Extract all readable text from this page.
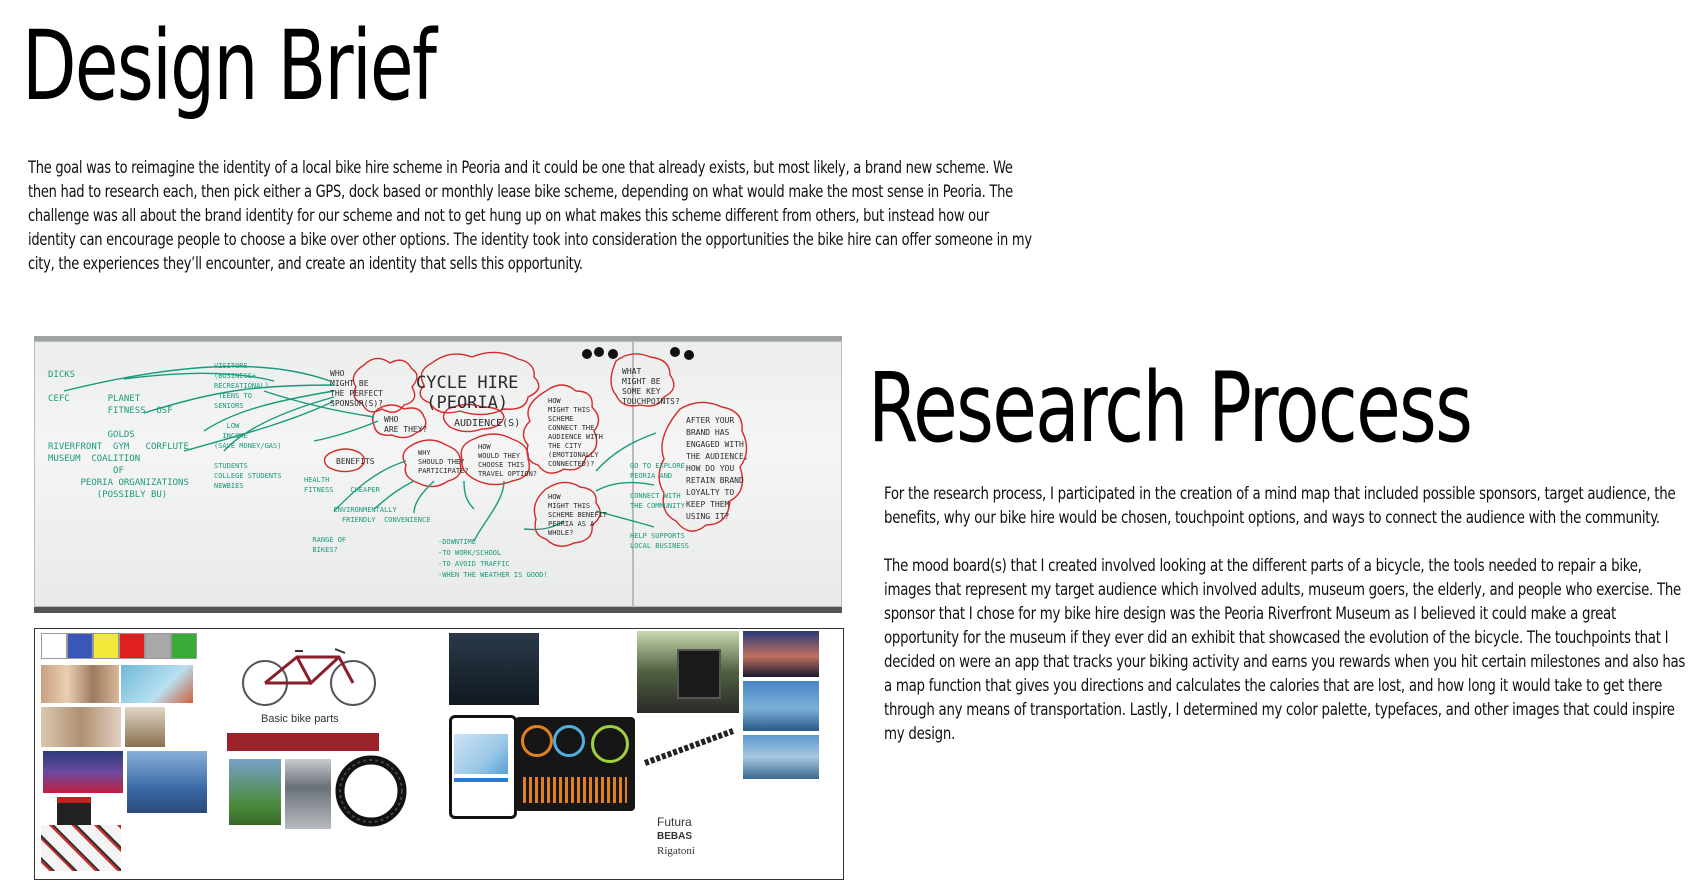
Design Brief

The goal was to reimagine the identity of a local bike hire scheme in Peoria and it could be one that already exists, but most likely, a brand new scheme. We then had to research each, then pick either a GPS, dock based or monthly lease bike scheme, depending on what would make the most sense in Peoria. The challenge was all about the brand identity for our scheme and not to get hung up on what makes this scheme different from others, but instead how our identity can encourage people to choose a bike over other options. The identity took into consideration the opportunities the bike hire can offer someone in my city, the experiences they’ll encounter, and create an identity that sells this opportunity.

CYCLE HIRE
(PEORIA)
WHO
MIGHT BE
THE PERFECT
SPONSOR(S)?
WHO
ARE THEY?
AUDIENCE(S)
BENEFITS
WHY
SHOULD THEY
PARTICIPATE?
HOW
WOULD THEY
CHOOSE THIS
TRAVEL OPTION?
HOW
MIGHT THIS
SCHEME
CONNECT THE
AUDIENCE WITH
THE CITY
(EMOTIONALLY
CONNECTED)?
HOW
MIGHT THIS
SCHEME BENEFIT
PEORIA AS A
WHOLE?
WHAT
MIGHT BE
SOME KEY
TOUCHPOINTS?
AFTER YOUR
BRAND HAS
ENGAGED WITH
THE AUDIENCE,
HOW DO YOU
RETAIN BRAND
LOYALTY TO
KEEP THEM
USING IT?
DICKS

CEFC       PLANET
FITNESS  OSF

GOLDS
RIVERFRONT  GYM   CORFLUTE
MUSEUM  COALITION
OF
PEORIA ORGANIZATIONS
(POSSIBLY BU)
VISITORS
(BUSINESS+
RECREATIONAL)
TEENS TO
SENIORS

LOW
INCOME
(SAVE MONEY/GAS)

STUDENTS
COLLEGE STUDENTS
NEWBIES
HEALTH
FITNESS    CHEAPER

ENVIRONMENTALLY
FRIENDLY  CONVENIENCE

RANGE OF
BIKES?
-DOWNTIME
-TO WORK/SCHOOL
-TO AVOID TRAFFIC
-WHEN THE WEATHER IS GOOD!
GO TO EXPLORE
PEORIA AND

CONNECT WITH
THE COMMUNITY

HELP SUPPORTS
LOCAL BUSINESS
Basic bike parts
Futura
BEBAS
Rigatoni
Research Process

For the research process, I participated in the creation of a mind map that included possible sponsors, target audience, the benefits, why our bike hire would be chosen, touchpoint options, and ways to connect the audience with the community.

The mood board(s) that I created involved looking at the different parts of a bicycle, the tools needed to repair a bike, images that represent my target audience which involved adults, museum goers, the elderly, and people who exercise. The sponsor that I chose for my bike hire design was the Peoria Riverfront Museum as I believed it could make a great opportunity for the museum if they ever did an exhibit that showcased the evolution of the bicycle. The touchpoints that I decided on were an app that tracks your biking activity and earns you rewards when you hit certain milestones and also has a map function that gives you directions and calculates the calories that are lost, and how long it would take to get there through any means of transportation. Lastly, I determined my color palette, typefaces, and other images that could inspire my design.
